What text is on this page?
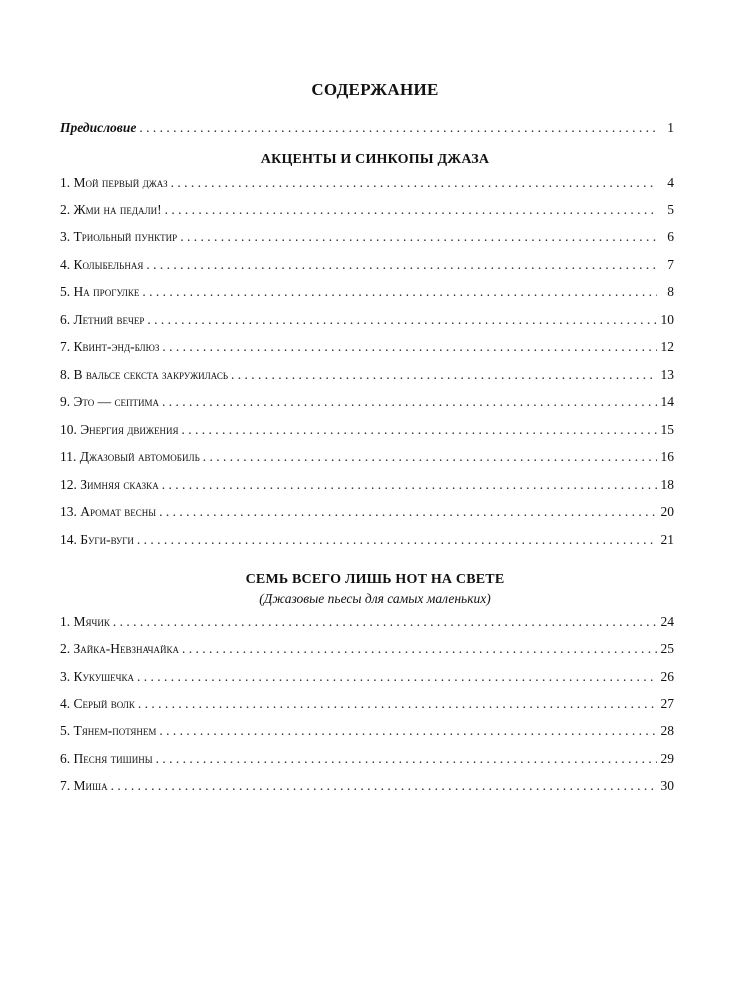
СОДЕРЖАНИЕ
Предисловие . . .	1
АКЦЕНТЫ И СИНКОПЫ ДЖАЗА
1. Мой первый джаз . . .	4
2. Жми на педали! . . .	5
3. Триольный пунктир . . .	6
4. Колыбельная . . .	7
5. На прогулке . . .	8
6. Летний вечер . . .	10
7. Квинт-энд-блюз . . .	12
8. В вальсе секста закружилась . . .	13
9. Это — септима . . .	14
10. Энергия движения . . .	15
11. Джазовый автомобиль . . .	16
12. Зимняя сказка . . .	18
13. Аромат весны . . .	20
14. Буги-вуги . . .	21
СЕМЬ ВСЕГО ЛИШЬ НОТ НА СВЕТЕ
(Джазовые пьесы для самых маленьких)
1. Мячик . . .	24
2. Зайка-Невзначайка . . .	25
3. Кукушечка . . .	26
4. Серый волк . . .	27
5. Тянем-потянем . . .	28
6. Песня тишины . . .	29
7. Миша . . .	30
